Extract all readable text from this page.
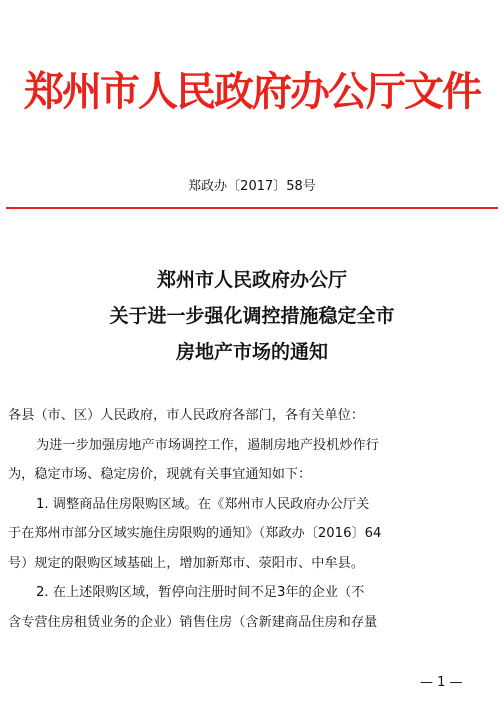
郑州市人民政府办公厅文件
郑政办〔2017〕58号
郑州市人民政府办公厅
关于进一步强化调控措施稳定全市
房地产市场的通知
各县（市、区）人民政府，市人民政府各部门，各有关单位：
为进一步加强房地产市场调控工作，遏制房地产投机炒作行
为，稳定市场、稳定房价，现就有关事宜通知如下：
1. 调整商品住房限购区域。在《郑州市人民政府办公厅关
于在郑州市部分区域实施住房限购的通知》（郑政办〔2016〕64
号）规定的限购区域基础上，增加新郑市、荥阳市、中牟县。
2. 在上述限购区域，暂停向注册时间不足3年的企业（不
含专营住房租赁业务的企业）销售住房（含新建商品住房和存量
— 1 —
